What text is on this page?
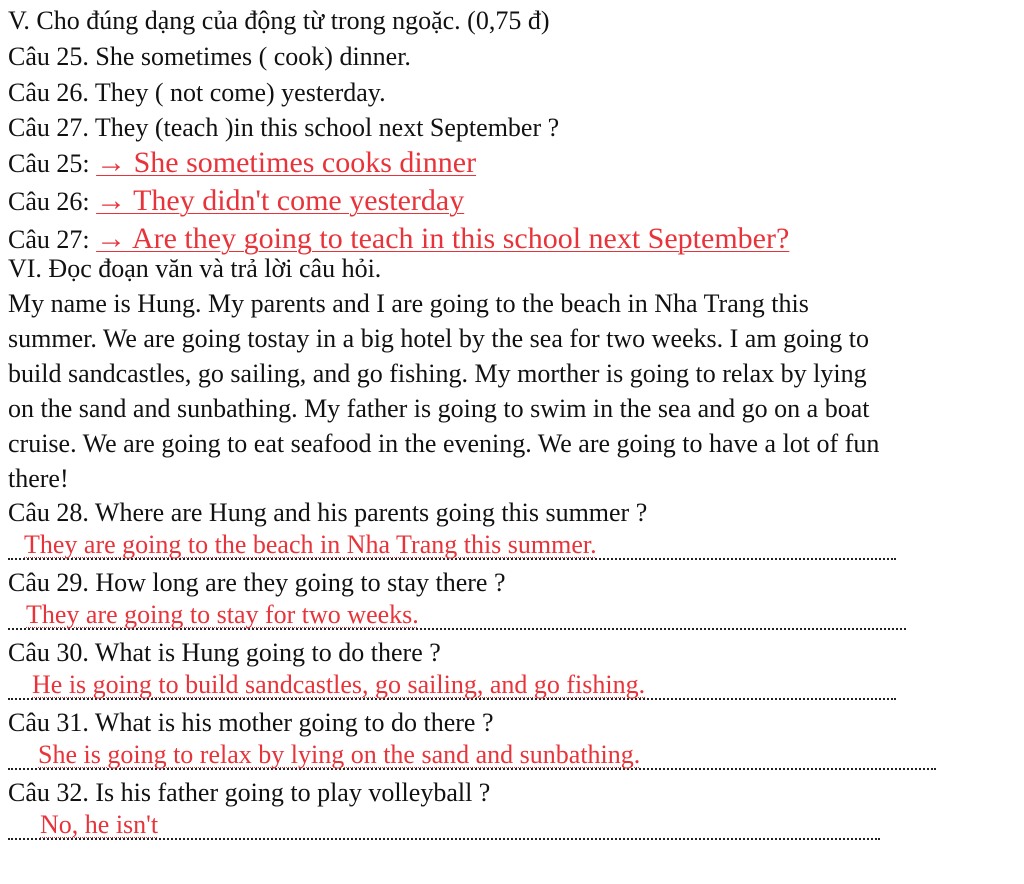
V. Cho đúng dạng của động từ trong ngoặc. (0,75 đ)
Câu 25. She sometimes ( cook) dinner.
Câu 26. They ( not come) yesterday.
Câu 27. They (teach )in this school next September ?
Câu 25: → She sometimes cooks dinner
Câu 26: → They didn't come yesterday
Câu 27: → Are they going to teach in this school next September?
VI. Đọc đoạn văn và trả lời câu hỏi.
My name is Hung. My parents and I are going to the beach in Nha Trang this
summer. We are going tostay in a big hotel by the sea for two weeks. I am going to
build sandcastles, go sailing, and go fishing. My morther is going to relax by lying
on the sand and sunbathing. My father is going to swim in the sea and go on a boat
cruise. We are going to eat seafood in the evening. We are going to have a lot of fun
there!
Câu 28. Where are Hung and his parents going this summer ?
They are going to the beach in Nha Trang this summer.
Câu 29. How long are they going to stay there ?
They are going to stay for two weeks.
Câu 30. What is Hung going to do there ?
He is going to build sandcastles, go sailing, and go fishing.
Câu 31. What is his mother going to do there ?
She is going to relax by lying on the sand and sunbathing.
Câu 32. Is his father going to play volleyball ?
No, he isn't
